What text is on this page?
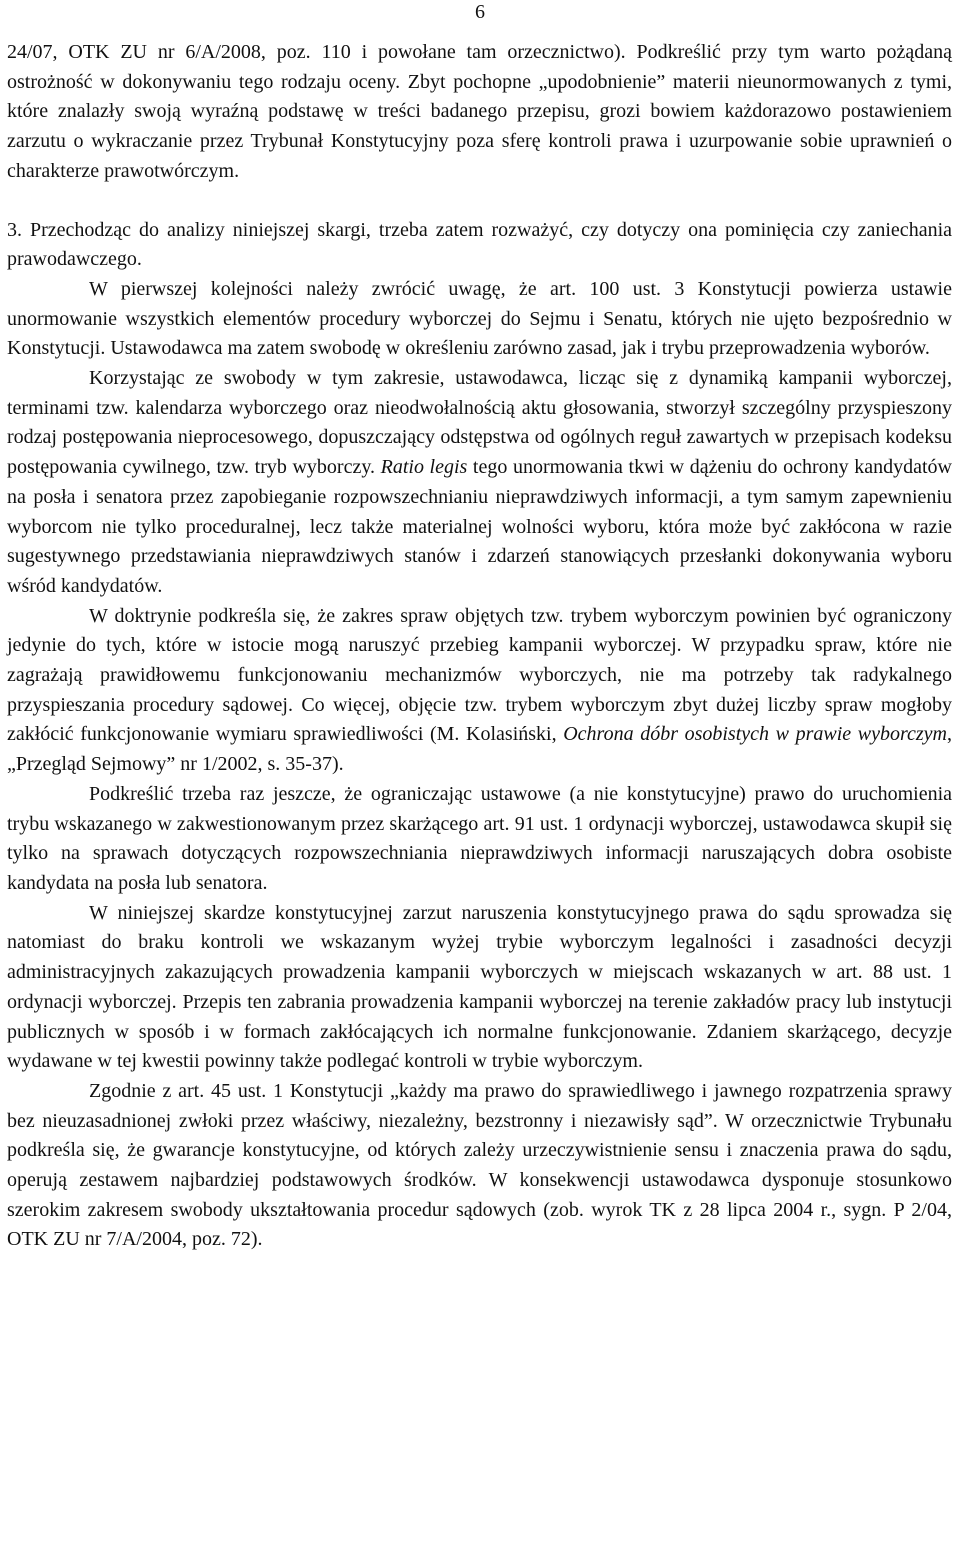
6

24/07, OTK ZU nr 6/A/2008, poz. 110 i powołane tam orzecznictwo). Podkreślić przy tym warto pożądaną ostrożność w dokonywaniu tego rodzaju oceny. Zbyt pochopne „upodobnienie” materii nieunormowanych z tymi, które znalazły swoją wyraźną podstawę w treści badanego przepisu, grozi bowiem każdorazowo postawieniem zarzutu o wykraczanie przez Trybunał Konstytucyjny poza sferę kontroli prawa i uzurpowanie sobie uprawnień o charakterze prawotwórczym.

3. Przechodząc do analizy niniejszej skargi, trzeba zatem rozważyć, czy dotyczy ona pominięcia czy zaniechania prawodawczego.

W pierwszej kolejności należy zwrócić uwagę, że art. 100 ust. 3 Konstytucji powierza ustawie unormowanie wszystkich elementów procedury wyborczej do Sejmu i Senatu, których nie ujęto bezpośrednio w Konstytucji. Ustawodawca ma zatem swobodę w określeniu zarówno zasad, jak i trybu przeprowadzenia wyborów.

Korzystając ze swobody w tym zakresie, ustawodawca, licząc się z dynamiką kampanii wyborczej, terminami tzw. kalendarza wyborczego oraz nieodwołalnością aktu głosowania, stworzył szczególny przyspieszony rodzaj postępowania nieprocesowego, dopuszczający odstępstwa od ogólnych reguł zawartych w przepisach kodeksu postępowania cywilnego, tzw. tryb wyborczy. Ratio legis tego unormowania tkwi w dążeniu do ochrony kandydatów na posła i senatora przez zapobieganie rozpowszechnianiu nieprawdziwych informacji, a tym samym zapewnieniu wyborcom nie tylko proceduralnej, lecz także materialnej wolności wyboru, która może być zakłócona w razie sugestywnego przedstawiania nieprawdziwych stanów i zdarzeń stanowiących przesłanki dokonywania wyboru wśród kandydatów.

W doktrynie podkreśla się, że zakres spraw objętych tzw. trybem wyborczym powinien być ograniczony jedynie do tych, które w istocie mogą naruszyć przebieg kampanii wyborczej. W przypadku spraw, które nie zagrażają prawidłowemu funkcjonowaniu mechanizmów wyborczych, nie ma potrzeby tak radykalnego przyspieszania procedury sądowej. Co więcej, objęcie tzw. trybem wyborczym zbyt dużej liczby spraw mogłoby zakłócić funkcjonowanie wymiaru sprawiedliwości (M. Kolasiński, Ochrona dóbr osobistych w prawie wyborczym, „Przegląd Sejmowy” nr 1/2002, s. 35-37).

Podkreślić trzeba raz jeszcze, że ograniczając ustawowe (a nie konstytucyjne) prawo do uruchomienia trybu wskazanego w zakwestionowanym przez skarżącego art. 91 ust. 1 ordynacji wyborczej, ustawodawca skupił się tylko na sprawach dotyczących rozpowszechniania nieprawdziwych informacji naruszających dobra osobiste kandydata na posła lub senatora.

W niniejszej skardze konstytucyjnej zarzut naruszenia konstytucyjnego prawa do sądu sprowadza się natomiast do braku kontroli we wskazanym wyżej trybie wyborczym legalności i zasadności decyzji administracyjnych zakazujących prowadzenia kampanii wyborczych w miejscach wskazanych w art. 88 ust. 1 ordynacji wyborczej. Przepis ten zabrania prowadzenia kampanii wyborczej na terenie zakładów pracy lub instytucji publicznych w sposób i w formach zakłócających ich normalne funkcjonowanie. Zdaniem skarżącego, decyzje wydawane w tej kwestii powinny także podlegać kontroli w trybie wyborczym.

Zgodnie z art. 45 ust. 1 Konstytucji „każdy ma prawo do sprawiedliwego i jawnego rozpatrzenia sprawy bez nieuzasadnionej zwłoki przez właściwy, niezależny, bezstronny i niezawisły sąd”. W orzecznictwie Trybunału podkreśla się, że gwarancje konstytucyjne, od których zależy urzeczywistnienie sensu i znaczenia prawa do sądu, operują zestawem najbardziej podstawowych środków. W konsekwencji ustawodawca dysponuje stosunkowo szerokim zakresem swobody ukształtowania procedur sądowych (zob. wyrok TK z 28 lipca 2004 r., sygn. P 2/04, OTK ZU nr 7/A/2004, poz. 72).
